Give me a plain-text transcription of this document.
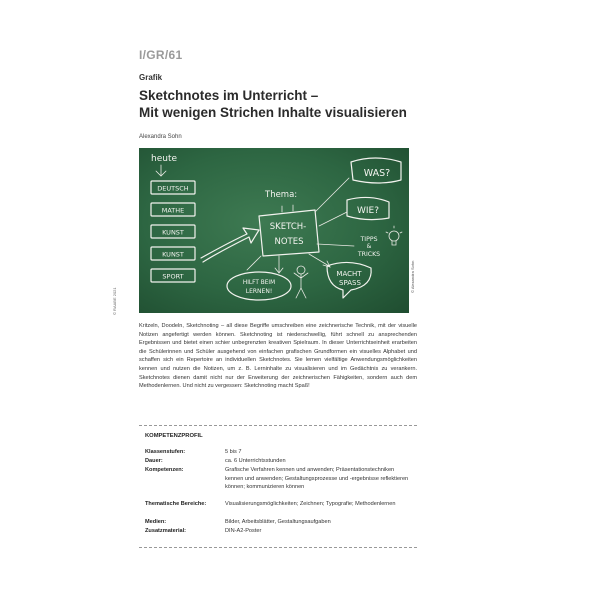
I/GR/61
Grafik
Sketchnotes im Unterricht –
Mit wenigen Strichen Inhalte visualisieren
Alexandra Sohn
© RAABE 2021
heute
DEUTSCH
MATHE
KUNST
KUNST
SPORT
Thema:
SKETCH-
NOTES
WAS?
WIE?
TIPPS
&
TRICKS
HILFT BEIM
LERNEN!
MACHT
SPASS	© Alexandra Sohn
Kritzeln, Doodeln, Sketchnoting – all diese Begriffe umschreiben eine zeichnerische Technik, mit der visuelle Notizen angefertigt werden können. Sketchnoting ist niederschwellig, führt schnell zu ansprechenden Ergebnissen und bietet einen schier unbegrenzten kreativen Spielraum. In dieser Unterrichtseinheit erarbeiten die Schülerinnen und Schüler ausgehend von einfachen grafischen Grundformen ein visuelles Alphabet und schaffen sich ein Repertoire an individuellen Sketchnotes. Sie lernen vielfältige Anwendungsmöglichkeiten kennen und nutzen die Notizen, um z. B. Lerninhalte zu visualisieren und im Gedächtnis zu verankern. Sketchnotes dienen damit nicht nur der Erweiterung der zeichnerischen Fähigkeiten, sondern auch dem Methodenlernen. Und nicht zu vergessen: Sketchnoting macht Spaß!
KOMPETENZPROFIL
Klassenstufen:	5 bis 7
Dauer:	ca. 6 Unterrichtsstunden
Kompetenzen:	Grafische Verfahren kennen und anwenden; Präsentationstechniken kennen und anwenden; Gestaltungsprozesse und -ergebnisse reflektieren können; kommunizieren können
Thematische Bereiche:	Visualisierungsmöglichkeiten; Zeichnen; Typografie; Methodenlernen
Medien:	Bilder, Arbeitsblätter, Gestaltungsaufgaben
Zusatzmaterial:	DIN-A2-Poster
